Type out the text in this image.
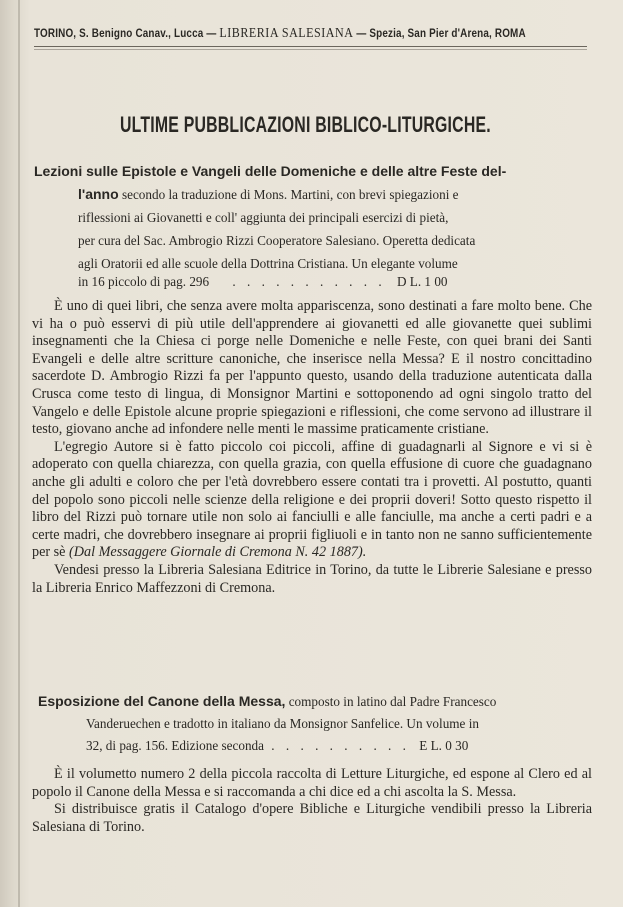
TORINO, S. Benigno Canav., Lucca — LIBRERIA SALESIANA — Spezia, San Pier d'Arena, ROMA
ULTIME PUBBLICAZIONI BIBLICO-LITURGICHE.
Lezioni sulle Epistole e Vangeli delle Domeniche e delle altre Feste del-
l'anno secondo la traduzione di Mons. Martini, con brevi spiegazioni e
riflessioni ai Giovanetti e coll' aggiunta dei principali esercizi di pietà,
per cura del Sac. Ambrogio Rizzi Cooperatore Salesiano. Operetta dedicata
agli Oratorii ed alle scuole della Dottrina Cristiana. Un elegante volume
in 16 piccolo di pag. 296 . . . . . . . . . . . D L. 1 00

È uno di quei libri, che senza avere molta appariscenza, sono destinati a fare molto bene. Che vi ha o può esservi di più utile dell'apprendere ai giovanetti ed alle giovanette quei sublimi insegnamenti che la Chiesa ci porge nelle Domeniche e nelle Feste, con quei brani dei Santi Evangeli e delle altre scritture canoniche, che inserisce nella Messa? E il nostro concittadino sacerdote D. Ambrogio Rizzi fa per l'appunto questo, usando della traduzione autenticata dalla Crusca come testo di lingua, di Monsignor Martini e sottoponendo ad ogni singolo tratto del Vangelo e delle Epistole alcune proprie spiegazioni e riflessioni, che come servono ad illustrare il testo, giovano anche ad infondere nelle menti le massime praticamente cristiane.

L'egregio Autore si è fatto piccolo coi piccoli, affine di guadagnarli al Signore e vi si è adoperato con quella chiarezza, con quella grazia, con quella effusione di cuore che guadagnano anche gli adulti e coloro che per l'età dovrebbero essere contati tra i provetti. Al postutto, quanti del popolo sono piccoli nelle scienze della religione e dei proprii doveri! Sotto questo rispetto il libro del Rizzi può tornare utile non solo ai fanciulli e alle fanciulle, ma anche a certi padri e a certe madri, che dovrebbero insegnare ai proprii figliuoli e in tanto non ne sanno sufficientemente per sè (Dal Messaggere Giornale di Cremona N. 42 1887).

Vendesi presso la Libreria Salesiana Editrice in Torino, da tutte le Librerie Salesiane e presso la Libreria Enrico Maffezzoni di Cremona.

Esposizione del Canone della Messa, composto in latino dal Padre Francesco
Vanderuechen e tradotto in italiano da Monsignor Sanfelice. Un volume in
32, di pag. 156. Edizione seconda . . . . . . . . . . E L. 0 30

È il volumetto numero 2 della piccola raccolta di Letture Liturgiche, ed espone al Clero ed al popolo il Canone della Messa e si raccomanda a chi dice ed a chi ascolta la S. Messa.

Si distribuisce gratis il Catalogo d'opere Bibliche e Liturgiche vendibili presso la Libreria Salesiana di Torino.
